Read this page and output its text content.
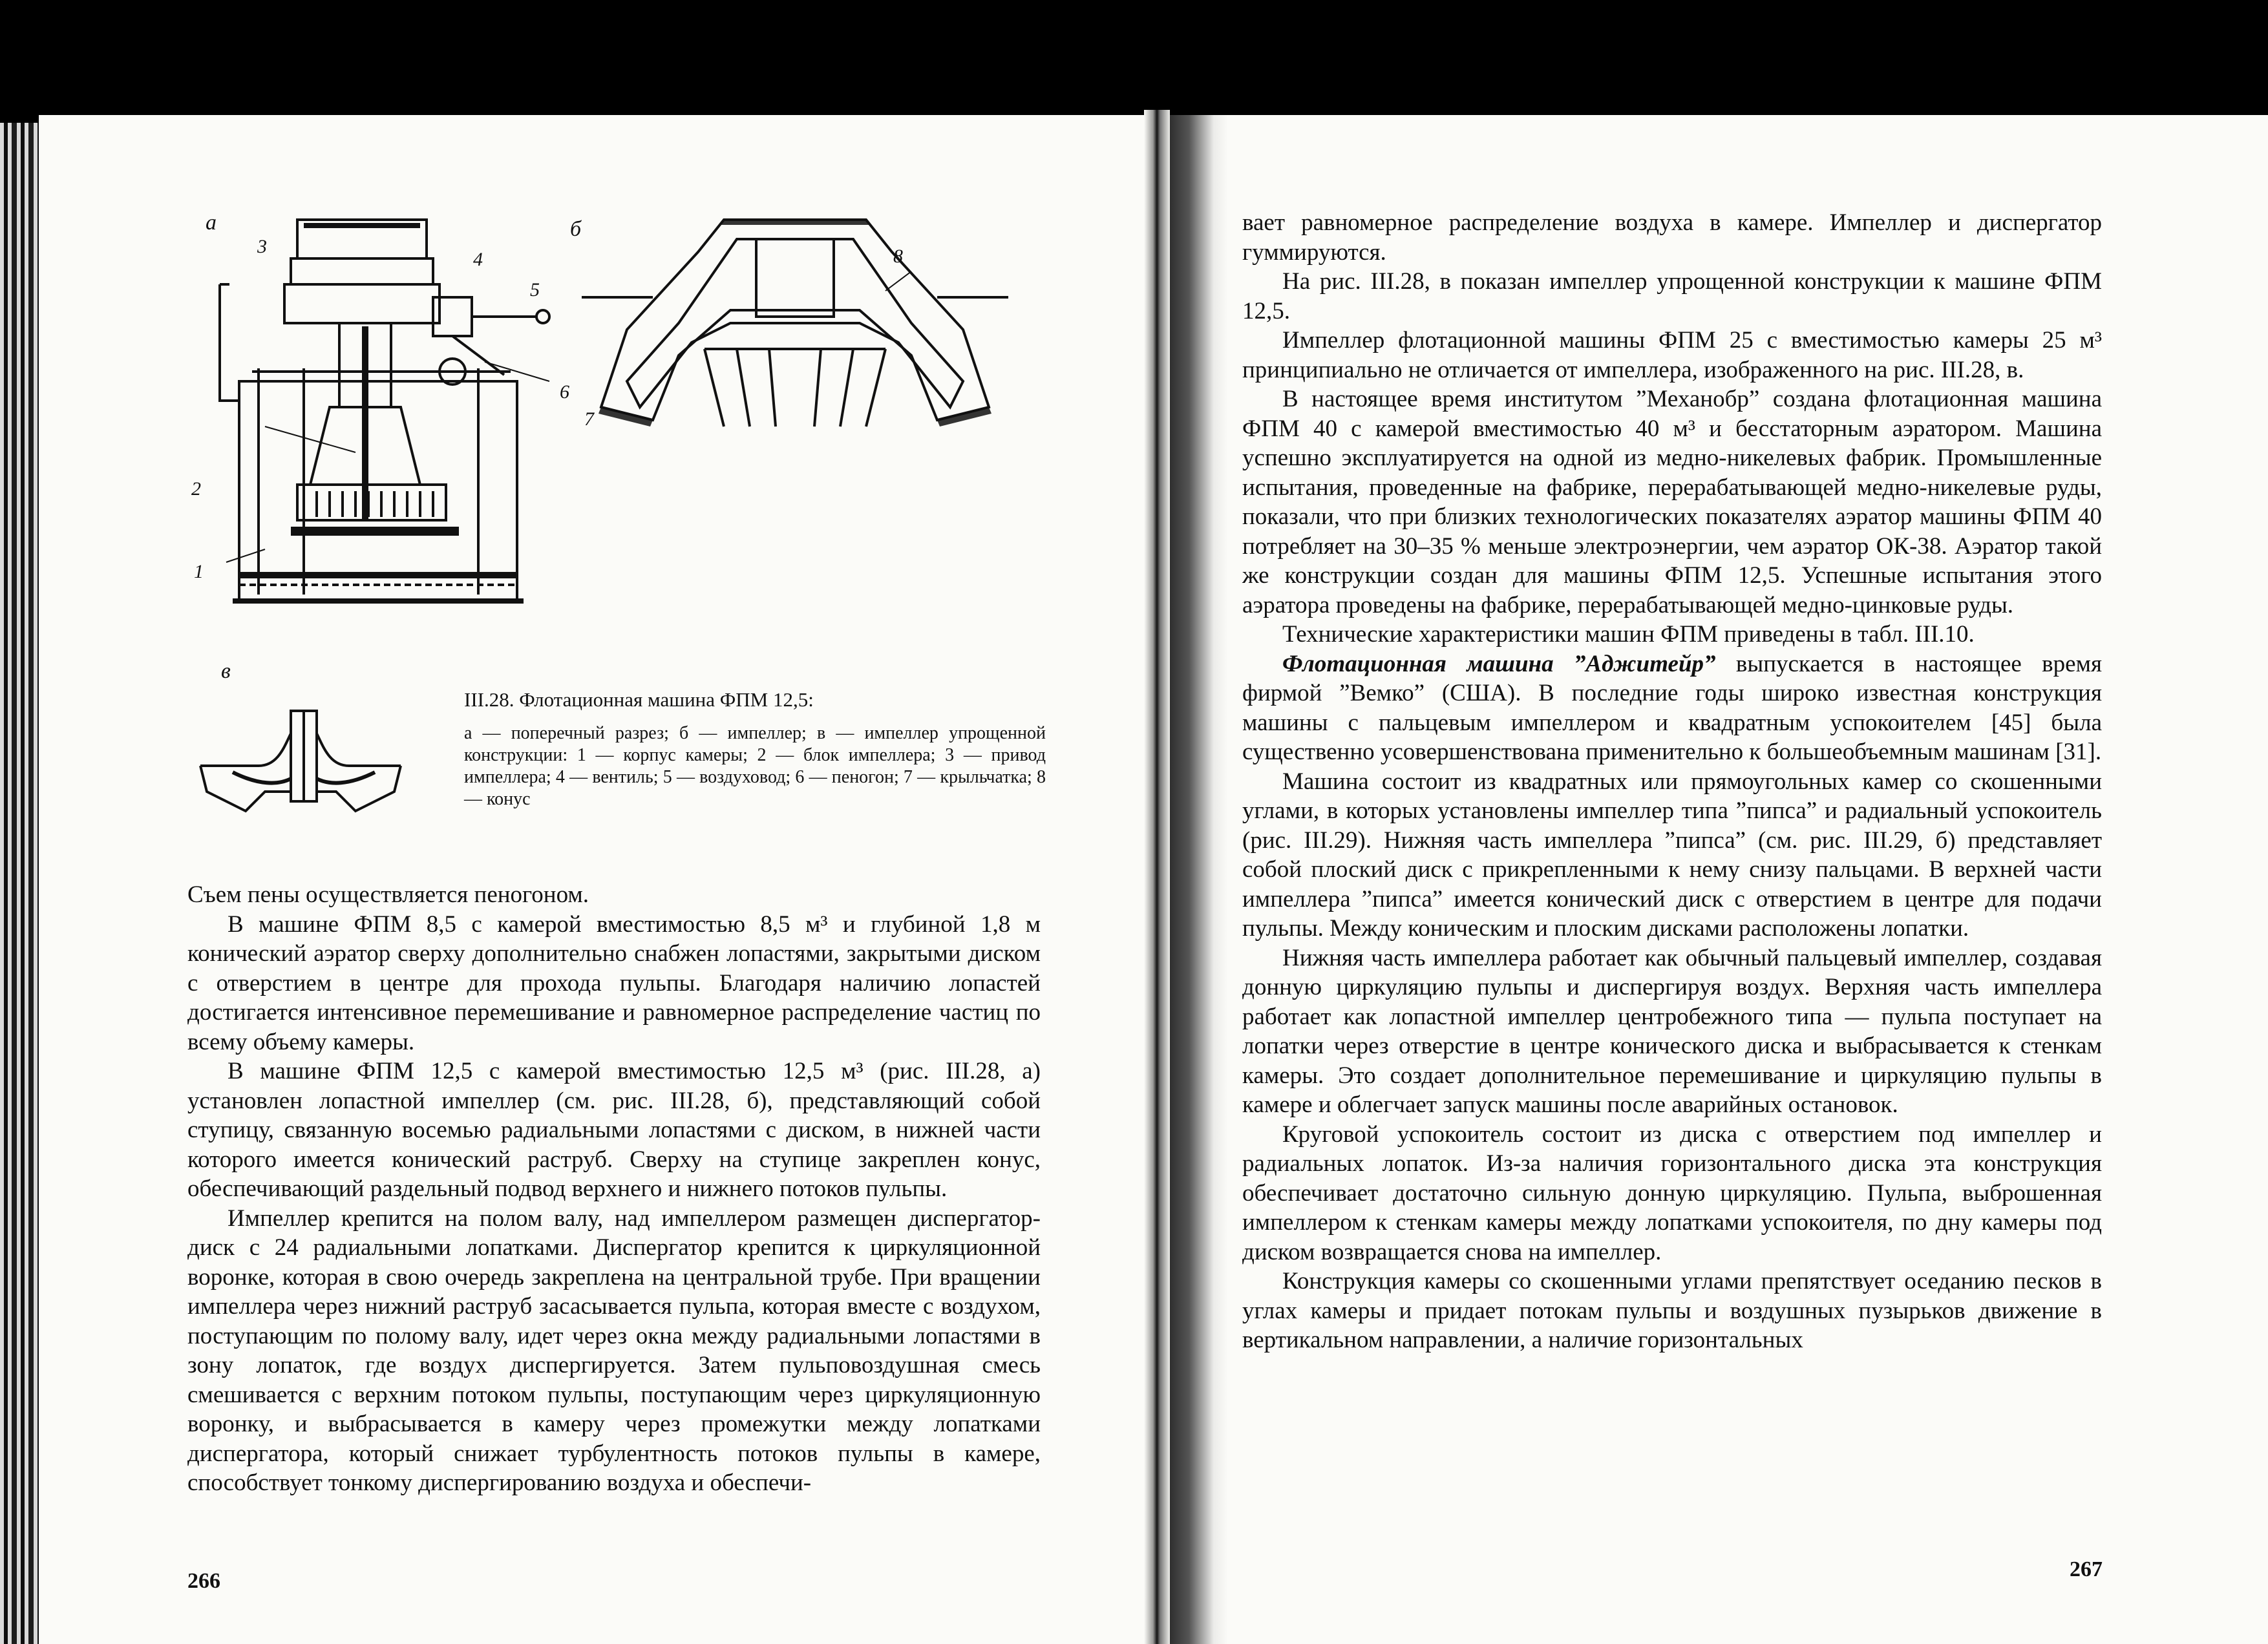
а	б
в
2
1
3
4
5
6
7
8
III.28. Флотационная машина ФПМ 12,5:
а — поперечный разрез; б — импеллер; в — импеллер упрощенной конструкции: 1 — корпус камеры; 2 — блок импеллера; 3 — привод импеллера; 4 — вентиль; 5 — воздуховод; 6 — пеногон; 7 — крыльчатка; 8 — конус

Съем пены осуществляется пеногоном.

В машине ФПМ 8,5 с камерой вместимостью 8,5 м³ и глубиной 1,8 м конический аэратор сверху дополнительно снабжен лопастями, закрытыми диском с отверстием в центре для прохода пульпы. Благодаря наличию лопастей достигается интенсивное перемешивание и равномерное распределение частиц по всему объему камеры.

В машине ФПМ 12,5 с камерой вместимостью 12,5 м³ (рис. III.28, а) установлен лопастной импеллер (см. рис. III.28, б), представляющий собой ступицу, связанную восемью радиальными лопастями с диском, в нижней части которого имеется конический раструб. Сверху на ступице закреплен конус, обеспечивающий раздельный подвод верхнего и нижнего потоков пульпы.

Импеллер крепится на полом валу, над импеллером размещен диспергатор-диск с 24 радиальными лопатками. Диспергатор крепится к циркуляционной воронке, которая в свою очередь закреплена на центральной трубе. При вращении импеллера через нижний раструб засасывается пульпа, которая вместе с воздухом, поступающим по полому валу, идет через окна между радиальными лопастями в зону лопаток, где воздух диспергируется. Затем пульповоздушная смесь смешивается с верхним потоком пульпы, поступающим через циркуляционную воронку, и выбрасывается в камеру через промежутки между лопатками диспергатора, который снижает турбулентность потоков пульпы в камере, способствует тонкому диспергированию воздуха и обеспечи-

266

вает равномерное распределение воздуха в камере. Импеллер и диспергатор гуммируются.

На рис. III.28, в показан импеллер упрощенной конструкции к машине ФПМ 12,5.

Импеллер флотационной машины ФПМ 25 с вместимостью камеры 25 м³ принципиально не отличается от импеллера, изображенного на рис. III.28, в.

В настоящее время институтом ”Механобр” создана флотационная машина ФПМ 40 с камерой вместимостью 40 м³ и бесстаторным аэратором. Машина успешно эксплуатируется на одной из медно-никелевых фабрик. Промышленные испытания, проведенные на фабрике, перерабатывающей медно-никелевые руды, показали, что при близких технологических показателях аэратор машины ФПМ 40 потребляет на 30–35 % меньше электроэнергии, чем аэратор ОК-38. Аэратор такой же конструкции создан для машины ФПМ 12,5. Успешные испытания этого аэратора проведены на фабрике, перерабатывающей медно-цинковые руды.

Технические характеристики машин ФПМ приведены в табл. III.10.

Флотационная машина ”Аджитейр” выпускается в настоящее время фирмой ”Вемко” (США). В последние годы широко известная конструкция машины с пальцевым импеллером и квадратным успокоителем [45] была существенно усовершенствована применительно к большеобъемным машинам [31].

Машина состоит из квадратных или прямоугольных камер со скошенными углами, в которых установлены импеллер типа ”пипса” и радиальный успокоитель (рис. III.29). Нижняя часть импеллера ”пипса” (см. рис. III.29, б) представляет собой плоский диск с прикрепленными к нему снизу пальцами. В верхней части импеллера ”пипса” имеется конический диск с отверстием в центре для подачи пульпы. Между коническим и плоским дисками расположены лопатки.

Нижняя часть импеллера работает как обычный пальцевый импеллер, создавая донную циркуляцию пульпы и диспергируя воздух. Верхняя часть импеллера работает как лопастной импеллер центробежного типа — пульпа поступает на лопатки через отверстие в центре конического диска и выбрасывается к стенкам камеры. Это создает дополнительное перемешивание и циркуляцию пульпы в камере и облегчает запуск машины после аварийных остановок.

Круговой успокоитель состоит из диска с отверстием под импеллер и радиальных лопаток. Из-за наличия горизонтального диска эта конструкция обеспечивает достаточно сильную донную циркуляцию. Пульпа, выброшенная импеллером к стенкам камеры между лопатками успокоителя, по дну камеры под диском возвращается снова на импеллер.

Конструкция камеры со скошенными углами препятствует оседанию песков в углах камеры и придает потокам пульпы и воздушных пузырьков движение в вертикальном направлении, а наличие горизонтальных

267
